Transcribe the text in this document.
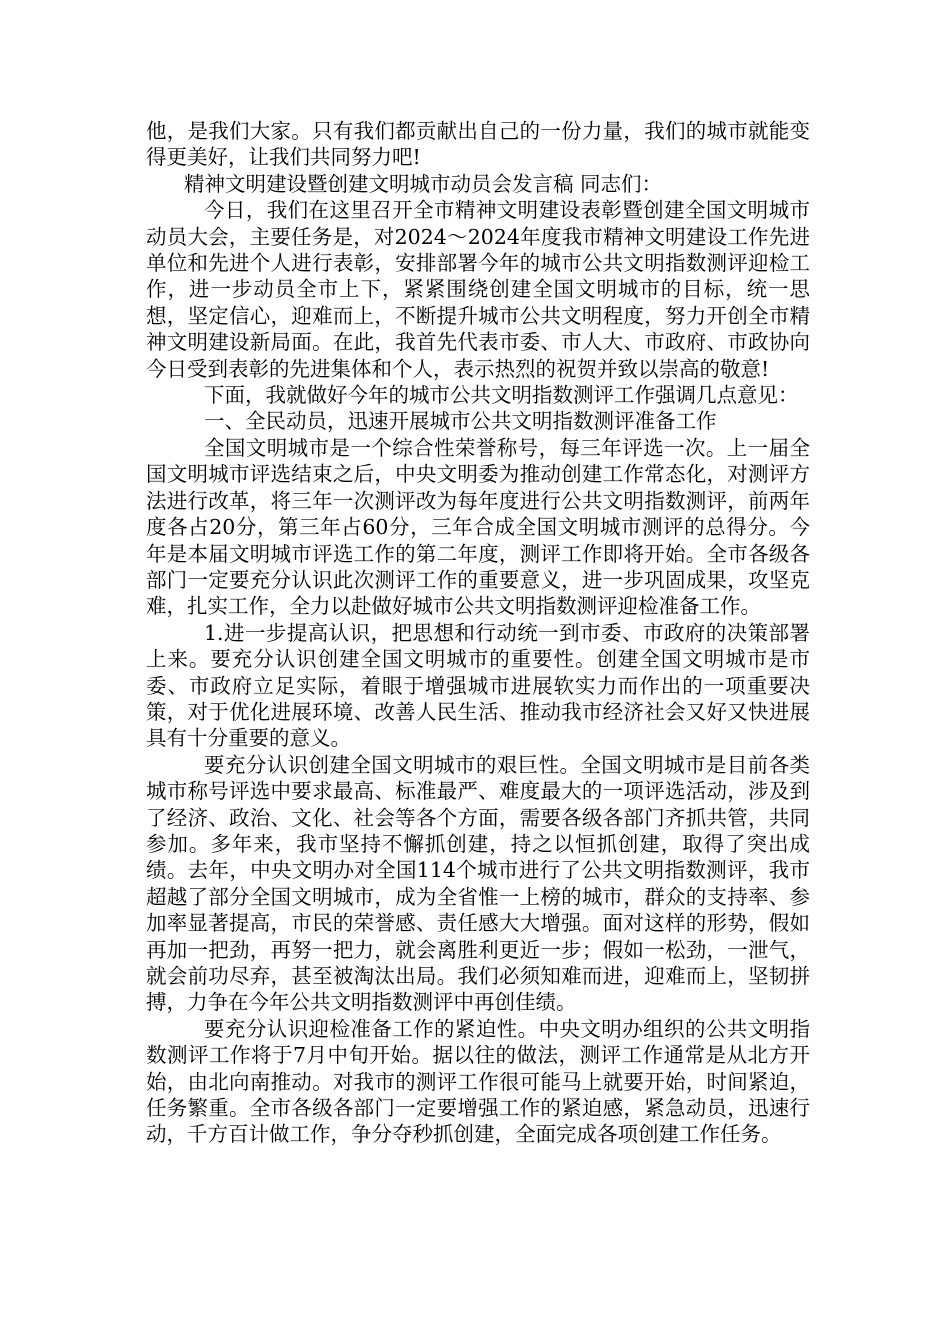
他，是我们大家。只有我们都贡献出自己的一份力量，我们的城市就能变得更美好，让我们共同努力吧!

精神文明建设暨创建文明城市动员会发言稿 同志们：

今日，我们在这里召开全市精神文明建设表彰暨创建全国文明城市动员大会，主要任务是，对2024～2024年度我市精神文明建设工作先进单位和先进个人进行表彰，安排部署今年的城市公共文明指数测评迎检工作，进一步动员全市上下，紧紧围绕创建全国文明城市的目标，统一思想，坚定信心，迎难而上，不断提升城市公共文明程度，努力开创全市精神文明建设新局面。在此，我首先代表市委、市人大、市政府、市政协向今日受到表彰的先进集体和个人，表示热烈的祝贺并致以崇高的敬意!

下面，我就做好今年的城市公共文明指数测评工作强调几点意见：

一、全民动员，迅速开展城市公共文明指数测评准备工作

全国文明城市是一个综合性荣誉称号，每三年评选一次。上一届全国文明城市评选结束之后，中央文明委为推动创建工作常态化，对测评方法进行改革，将三年一次测评改为每年度进行公共文明指数测评，前两年度各占20分，第三年占60分，三年合成全国文明城市测评的总得分。今年是本届文明城市评选工作的第二年度，测评工作即将开始。全市各级各部门一定要充分认识此次测评工作的重要意义，进一步巩固成果，攻坚克难，扎实工作，全力以赴做好城市公共文明指数测评迎检准备工作。

1.进一步提高认识，把思想和行动统一到市委、市政府的决策部署上来。要充分认识创建全国文明城市的重要性。创建全国文明城市是市委、市政府立足实际，着眼于增强城市进展软实力而作出的一项重要决策，对于优化进展环境、改善人民生活、推动我市经济社会又好又快进展具有十分重要的意义。

要充分认识创建全国文明城市的艰巨性。全国文明城市是目前各类城市称号评选中要求最高、标准最严、难度最大的一项评选活动，涉及到了经济、政治、文化、社会等各个方面，需要各级各部门齐抓共管，共同参加。多年来，我市坚持不懈抓创建，持之以恒抓创建，取得了突出成绩。去年，中央文明办对全国114个城市进行了公共文明指数测评，我市超越了部分全国文明城市，成为全省惟一上榜的城市，群众的支持率、参加率显著提高，市民的荣誉感、责任感大大增强。面对这样的形势，假如再加一把劲，再努一把力，就会离胜利更近一步；假如一松劲，一泄气，就会前功尽弃，甚至被淘汰出局。我们必须知难而进，迎难而上，坚韧拼搏，力争在今年公共文明指数测评中再创佳绩。

要充分认识迎检准备工作的紧迫性。中央文明办组织的公共文明指数测评工作将于7月中旬开始。据以往的做法，测评工作通常是从北方开始，由北向南推动。对我市的测评工作很可能马上就要开始，时间紧迫，任务繁重。全市各级各部门一定要增强工作的紧迫感，紧急动员，迅速行动，千方百计做工作，争分夺秒抓创建，全面完成各项创建工作任务。
